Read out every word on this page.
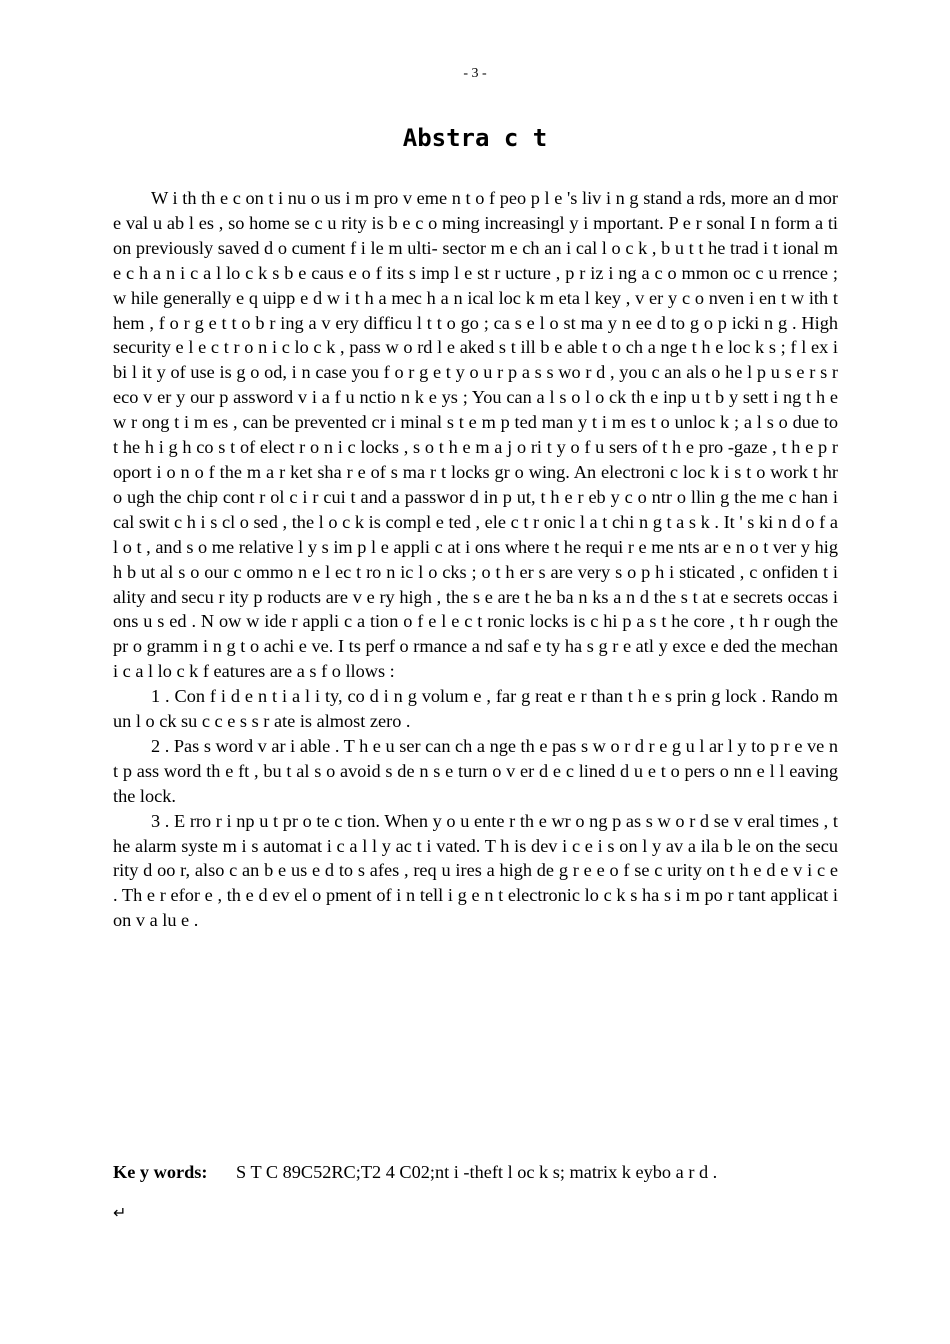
- 3 -
Abstra c t

W i th th e c on t i nu o us i m pro v eme n t o f peo p l e 's liv i n g stand a rds, more an d mor e val u ab l es , so home se c u rity is b e c o ming increasingl y i mportant. P e r sonal I n form a tion previously saved d o cument f i le m ulti- sector m e ch an i cal l o c k , b u t t he trad i t ional me c h a n i c a l lo c k s b e caus e o f its s imp l e st r ucture , p r iz i ng a c o mmon oc c u rrence ; w hile generally e q uipp e d w i t h a mec h a n ical loc k m eta l key , v er y c o nven i en t w ith them , f o r g e t t o b r ing a v ery difficu l t t o go ; ca s e l o st ma y n ee d to g o p icki n g . High security e l e c t r o n i c lo c k , pass w o rd l e aked s t ill b e able t o ch a nge t h e loc k s ; f l ex i bi l it y of use is g o od, i n case you f o r g e t y o u r p a s s wo r d , you c an als o he l p u s e r s reco v er y our p assword v i a f u nctio n k e ys ; You can a l s o l o ck th e inp u t b y sett i ng t h e w r ong t i m es , can be prevented cr i minal s t e m p ted man y t i m es t o unloc k ; a l s o due to t he h i g h co s t of elect r o n i c locks , s o t h e m a j o ri t y o f u sers of t h e pro -gaze , t h e p roport i o n o f the m a r ket sha r e of s ma r t locks gr o wing. An electroni c loc k i s t o work t hr o ugh the chip cont r ol c i r cui t and a passwor d in p ut, t h e r eb y c o ntr o llin g the me c han i cal swit c h i s cl o sed , the l o c k is compl e ted , ele c t r onic l a t chi n g t a s k . It ' s ki n d o f a l o t , and s o me relative l y s im p l e appli c at i ons where t he requi r e me nts ar e n o t ver y high b ut al s o our c ommo n e l ec t ro n ic l o cks ; o t h er s are very s o p h i sticated , c onfiden t i ality and secu r ity p roducts are v e ry high , the s e are t he ba n ks a n d the s t at e secrets occas i ons u s ed . N ow w ide r appli c a tion o f e l e c t ronic locks is c hi p a s t he core , t h r ough the pr o gramm i n g t o achi e ve. I ts perf o rmance a nd saf e ty ha s g r e atl y exce e ded the mechan i c a l lo c k f eatures are a s f o llows :

1 . Con f i d e n t i a l i ty, co d i n g volum e , far g reat e r than t h e s prin g lock . Rando m un l o ck su c c e s s r ate is almost zero .

2 . Pas s word v ar i able . T h e u ser can ch a nge th e pas s w o r d r e g u l ar l y to p r e ve n t p ass word th e ft , bu t al s o avoid s de n s e turn o v er d e c lined d u e t o pers o nn e l l eaving the lock.

3 . E rro r i np u t pr o te c tion. When y o u ente r th e wr o ng p as s w o r d se v eral times , the alarm syste m i s automat i c a l l y ac t i vated. T h is dev i c e i s on l y av a ila b le on the security d oo r, also c an b e us e d to s afes , req u ires a high de g r e e o f se c urity on t h e d e v i c e . Th e r efor e , th e d ev el o pment of i n tell i g e n t electronic lo c k s ha s i m po r tant applicat i on v a lu e .

Ke y words: S T C 89C52RC;T2 4 C02;nt i -theft l oc k s; matrix k eybo a r d .
↵
